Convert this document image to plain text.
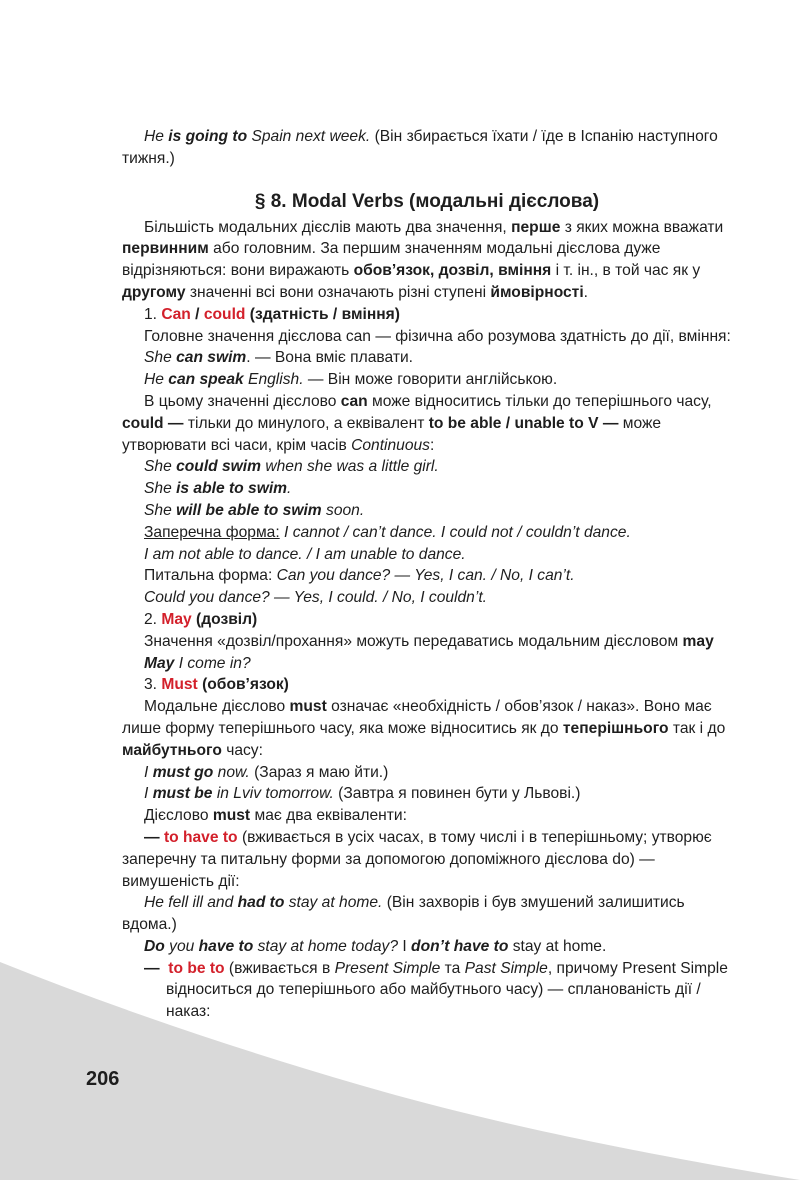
He is going to Spain next week. (Він збирається їхати / їде в Іспанію наступного тижня.)

§ 8. Modal Verbs (модальні дієслова)

Більшість модальних дієслів мають два значення, перше з яких можна вважати первинним або головним. За першим значенням модальні дієслова дуже відрізняються: вони виражають обов’язок, дозвіл, вміння і т. ін., в той час як у другому значенні всі вони означають різні ступені ймовірності.

1. Can / could (здатність / вміння)

Головне значення дієслова can — фізична або розумова здатність до дії, вміння:

She can swim. — Вона вміє плавати.

He can speak English. — Він може говорити англійською.

В цьому значенні дієслово can може відноситись тільки до теперішнього часу, could — тільки до минулого, а еквівалент to be able / unable to V — може утворювати всі часи, крім часів Continuous:

She could swim when she was a little girl.

She is able to swim.

She will be able to swim soon.

Заперечна форма: I cannot / can’t dance. I could not / couldn’t dance.

I am not able to dance. / I am unable to dance.

Питальна форма: Can you dance? — Yes, I can. / No, I can’t.

Could you dance? — Yes, I could. / No, I couldn’t.

2. May (дозвіл)

Значення «дозвіл/прохання» можуть передаватись модальним дієсловом may

May I come in?

3. Must (обов’язок)

Модальне дієслово must означає «необхідність / обов’язок / наказ». Воно має лише форму теперішнього часу, яка може відноситись як до теперішнього так і до майбутнього часу:

I must go now. (Зараз я маю йти.)

I must be in Lviv tomorrow. (Завтра я повинен бути у Львові.)

Дієслово must має два еквіваленти:

— to have to (вживається в усіх часах, в тому числі і в теперішньому; утворює заперечну та питальну форми за допомогою допоміжного дієслова do) — вимушеність дії:

He fell ill and had to stay at home. (Він захворів і був змушений залишитись вдома.)

Do you have to stay at home today? I don’t have to stay at home.

— to be to (вживається в Present Simple та Past Simple, причому Present Simple відноситься до теперішнього або майбутнього часу) — спланованість дії / наказ:

206
